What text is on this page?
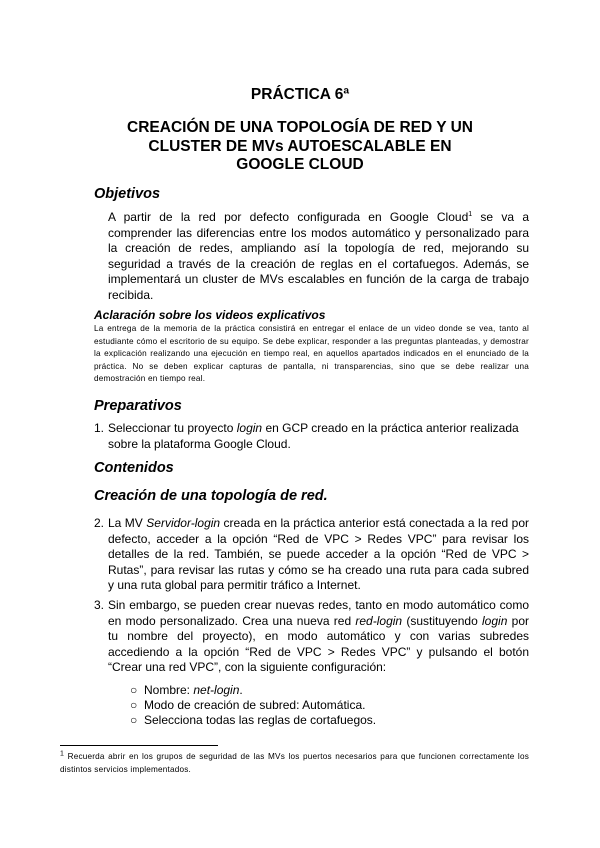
PRÁCTICA 6ª
CREACIÓN DE UNA TOPOLOGÍA DE RED Y UN CLUSTER DE MVs AUTOESCALABLE EN GOOGLE CLOUD
Objetivos

A partir de la red por defecto configurada en Google Cloud$^1$ se va a comprender las diferencias entre los modos automático y personalizado para la creación de redes, ampliando así la topología de red, mejorando su seguridad a través de la creación de reglas en el cortafuegos. Además, se implementará un cluster de MVs escalables en función de la carga de trabajo recibida.

Aclaración sobre los videos explicativos

La entrega de la memoria de la práctica consistirá en entregar el enlace de un video donde se vea, tanto al estudiante cómo el escritorio de su equipo. Se debe explicar, responder a las preguntas planteadas, y demostrar la explicación realizando una ejecución en tiempo real, en aquellos apartados indicados en el enunciado de la práctica. No se deben explicar capturas de pantalla, ni transparencias, sino que se debe realizar una demostración en tiempo real.

Preparativos
1. Seleccionar tu proyecto login en GCP creado en la práctica anterior realizada sobre la plataforma Google Cloud.

Contenidos
Creación de una topología de red.
2. La MV Servidor-login creada en la práctica anterior está conectada a la red por defecto, acceder a la opción “Red de VPC > Redes VPC” para revisar los detalles de la red. También, se puede acceder a la opción “Red de VPC > Rutas”, para revisar las rutas y cómo se ha creado una ruta para cada subred y una ruta global para permitir tráfico a Internet.

3. Sin embargo, se pueden crear nuevas redes, tanto en modo automático como en modo personalizado. Crea una nueva red red-login (sustituyendo login por tu nombre del proyecto), en modo automático y con varias subredes accediendo a la opción “Red de VPC > Redes VPC” y pulsando el botón “Crear una red VPC”, con la siguiente configuración:

○ Nombre: net-login.
○ Modo de creación de subred: Automática.
○ Selecciona todas las reglas de cortafuegos.

$^1$ Recuerda abrir en los grupos de seguridad de las MVs los puertos necesarios para que funcionen correctamente los distintos servicios implementados.
